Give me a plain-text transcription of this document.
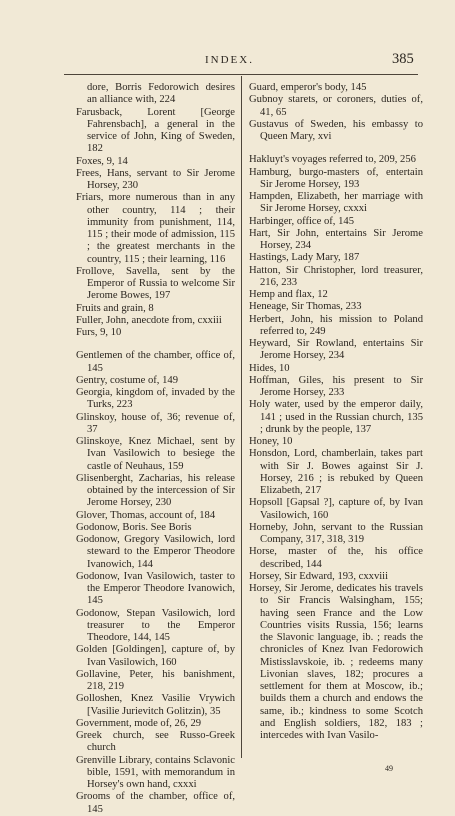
INDEX.	385
dore, Borris Fedorowich desires an alliance with, 224
Farusback, Lorent [George Fahrensbach], a general in the service of John, King of Sweden, 182
Foxes, 9, 14
Frees, Hans, servant to Sir Jerome Horsey, 230
Friars, more numerous than in any other country, 114 ; their immunity from punishment, 114, 115 ; their mode of admission, 115 ; the greatest merchants in the country, 115 ; their learning, 116
Frollove, Savella, sent by the Emperor of Russia to welcome Sir Jerome Bowes, 197
Fruits and grain, 8
Fuller, John, anecdote from, cxxiii
Furs, 9, 10
Gentlemen of the chamber, office of, 145
Gentry, costume of, 149
Georgia, kingdom of, invaded by the Turks, 223
Glinskoy, house of, 36; revenue of, 37
Glinskoye, Knez Michael, sent by Ivan Vasilowich to besiege the castle of Neuhaus, 159
Glisenberght, Zacharias, his release obtained by the intercession of Sir Jerome Horsey, 230
Glover, Thomas, account of, 184
Godonow, Boris. See Boris
Godonow, Gregory Vasilowich, lord steward to the Emperor Theodore Ivanowich, 144
Godonow, Ivan Vasilowich, taster to the Emperor Theodore Ivanowich, 145
Godonow, Stepan Vasilowich, lord treasurer to the Emperor Theodore, 144, 145
Golden [Goldingen], capture of, by Ivan Vasilowich, 160
Gollavine, Peter, his banishment, 218, 219
Golloshen, Knez Vasilie Vrywich [Vasilie Jurievitch Golitzin), 35
Government, mode of, 26, 29
Greek church, see Russo-Greek church
Grenville Library, contains Sclavonic bible, 1591, with memorandum in Horsey's own hand, cxxxi
Grooms of the chamber, office of, 145
Guard, emperor's body, 145
Gubnoy starets, or coroners, duties of, 41, 65
Gustavus of Sweden, his embassy to Queen Mary, xvi
Hakluyt's voyages referred to, 209, 256
Hamburg, burgo-masters of, entertain Sir Jerome Horsey, 193
Hampden, Elizabeth, her marriage with Sir Jerome Horsey, cxxxi
Harbinger, office of, 145
Hart, Sir John, entertains Sir Jerome Horsey, 234
Hastings, Lady Mary, 187
Hatton, Sir Christopher, lord treasurer, 216, 233
Hemp and flax, 12
Heneage, Sir Thomas, 233
Herbert, John, his mission to Poland referred to, 249
Heyward, Sir Rowland, entertains Sir Jerome Horsey, 234
Hides, 10
Hoffman, Giles, his present to Sir Jerome Horsey, 233
Holy water, used by the emperor daily, 141 ; used in the Russian church, 135 ; drunk by the people, 137
Honey, 10
Honsdon, Lord, chamberlain, takes part with Sir J. Bowes against Sir J. Horsey, 216 ; is rebuked by Queen Elizabeth, 217
Hopsoll [Gapsal ?], capture of, by Ivan Vasilowich, 160
Horneby, John, servant to the Russian Company, 317, 318, 319
Horse, master of the, his office described, 144
Horsey, Sir Edward, 193, cxxviii
Horsey, Sir Jerome, dedicates his travels to Sir Francis Walsingham, 155; having seen France and the Low Countries visits Russia, 156; learns the Slavonic language, ib. ; reads the chronicles of Knez Ivan Fedorowich Mistisslavskoie, ib. ; redeems many Livonian slaves, 182; procures a settlement for them at Moscow, ib.; builds them a church and endows the same, ib.; kindness to some Scotch and English soldiers, 182, 183 ; intercedes with Ivan Vasilo-
49
